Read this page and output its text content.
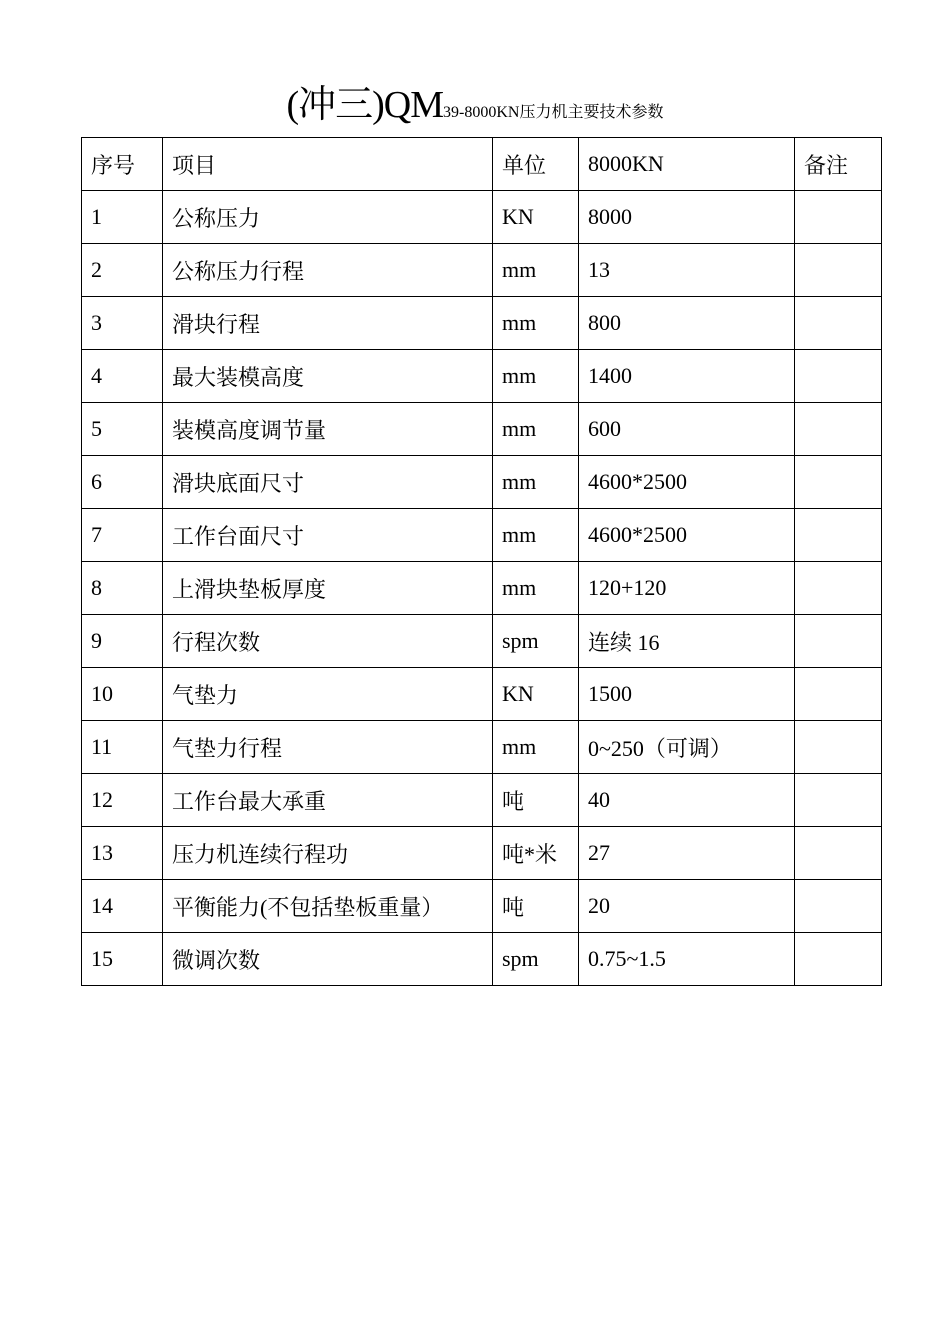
(冲三)QM39-8000KN压力机主要技术参数
序号	项目	单位	8000KN	备注
1	公称压力	KN	8000	
2	公称压力行程	mm	13	
3	滑块行程	mm	800	
4	最大装模高度	mm	1400	
5	装模高度调节量	mm	600	
6	滑块底面尺寸	mm	4600*2500	
7	工作台面尺寸	mm	4600*2500	
8	上滑块垫板厚度	mm	120+120	
9	行程次数	spm	连续 16	
10	气垫力	KN	1500	
11	气垫力行程	mm	0~250（可调）	
12	工作台最大承重	吨	40	
13	压力机连续行程功	吨*米	27	
14	平衡能力(不包括垫板重量）	吨	20	
15	微调次数	spm	0.75~1.5	
